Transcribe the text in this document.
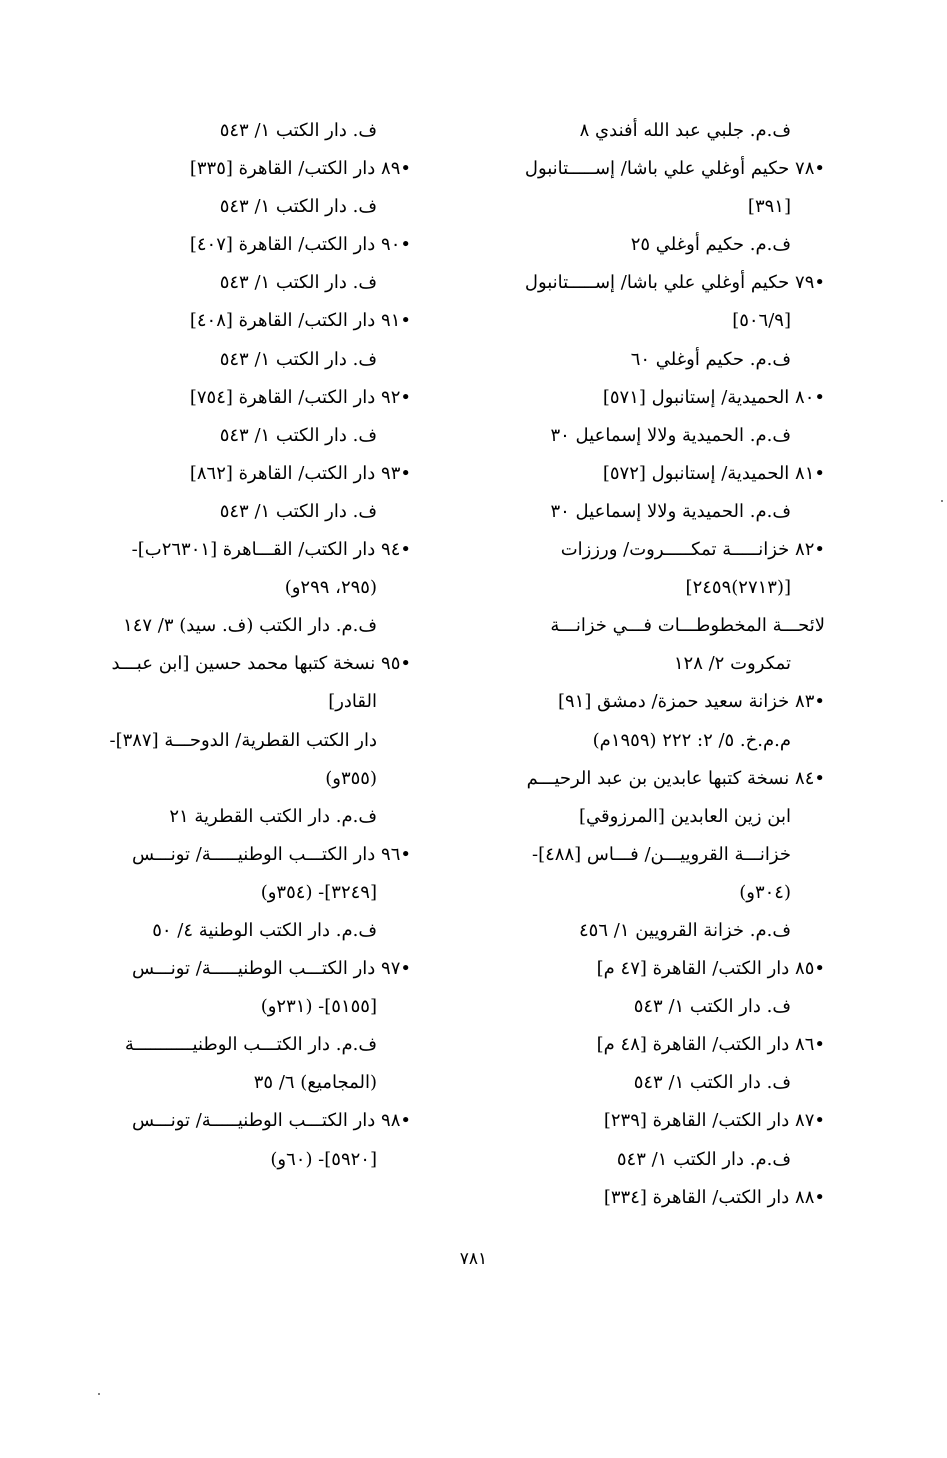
ف.م. جلبي عبد الله أفندي ٨
•٧٨ حكيم أوغلي علي باشا/ إســـــتانبول
[٣٩١]
ف.م. حكيم أوغلي ٢٥
•٧٩ حكيم أوغلي علي باشا/ إســـــتانبول
[٥٠٦/٩]
ف.م. حكيم أوغلي ٦٠
•٨٠ الحميدية/ إستانبول [٥٧١]
ف.م. الحميدية ولالا إسماعيل ٣٠
•٨١ الحميدية/ إستانبول [٥٧٢]
ف.م. الحميدية ولالا إسماعيل ٣٠
•٨٢ خزانـــــة تمكـــــروت/ ورززات
[(٢٧١٣)٢٤٥٩]
لائحـــة المخطوطـــات فـــي خزانـــة
تمكروت ٢/ ١٢٨
•٨٣ خزانة سعيد حمزة/ دمشق [٩١]
م.م.خ. ٥/ ٢: ٢٢٢ (١٩٥٩م)
•٨٤ نسخة كتبها عابدين بن عبد الرحيـــم
ابن زين العابدين [المرزوقي]
خزانـــة القروييـــن/ فـــاس [٤٨٨]-
(٣٠٤و)
ف.م. خزانة القرويين ١/ ٤٥٦
•٨٥ دار الكتب/ القاهرة [٤٧ م]
ف. دار الكتب ١/ ٥٤٣
•٨٦ دار الكتب/ القاهرة [٤٨ م]
ف. دار الكتب ١/ ٥٤٣
•٨٧ دار الكتب/ القاهرة [٢٣٩]
ف.م. دار الكتب ١/ ٥٤٣
•٨٨ دار الكتب/ القاهرة [٣٣٤]
ف. دار الكتب ١/ ٥٤٣
•٨٩ دار الكتب/ القاهرة [٣٣٥]
ف. دار الكتب ١/ ٥٤٣
•٩٠ دار الكتب/ القاهرة [٤٠٧]
ف. دار الكتب ١/ ٥٤٣
•٩١ دار الكتب/ القاهرة [٤٠٨]
ف. دار الكتب ١/ ٥٤٣
•٩٢ دار الكتب/ القاهرة [٧٥٤]
ف. دار الكتب ١/ ٥٤٣
•٩٣ دار الكتب/ القاهرة [٨٦٢]
ف. دار الكتب ١/ ٥٤٣
•٩٤ دار الكتب/ القـــاهرة [٢٦٣٠١ب]-
(٢٩٥، ٢٩٩و)
ف.م. دار الكتب (ف. سيد) ٣/ ١٤٧
•٩٥ نسخة كتبها محمد حسين [ابن عبـــد
القادر]
دار الكتب القطرية/ الدوحـــة [٣٨٧]-
(٣٥٥و)
ف.م. دار الكتب القطرية ٢١
•٩٦ دار الكتـــب الوطنيـــــة/ تونـــس
[٣٢٤٩]- (٣٥٤و)
ف.م. دار الكتب الوطنية ٤/ ٥٠
•٩٧ دار الكتـــب الوطنيـــــة/ تونـــس
[٥١٥٥]- (٢٣١و)
ف.م. دار الكتـــب الوطنيـــــــــــة
(المجاميع) ٦/ ٣٥
•٩٨ دار الكتـــب الوطنيـــــة/ تونـــس
[٥٩٢٠]- (٦٠و)
٧٨١
